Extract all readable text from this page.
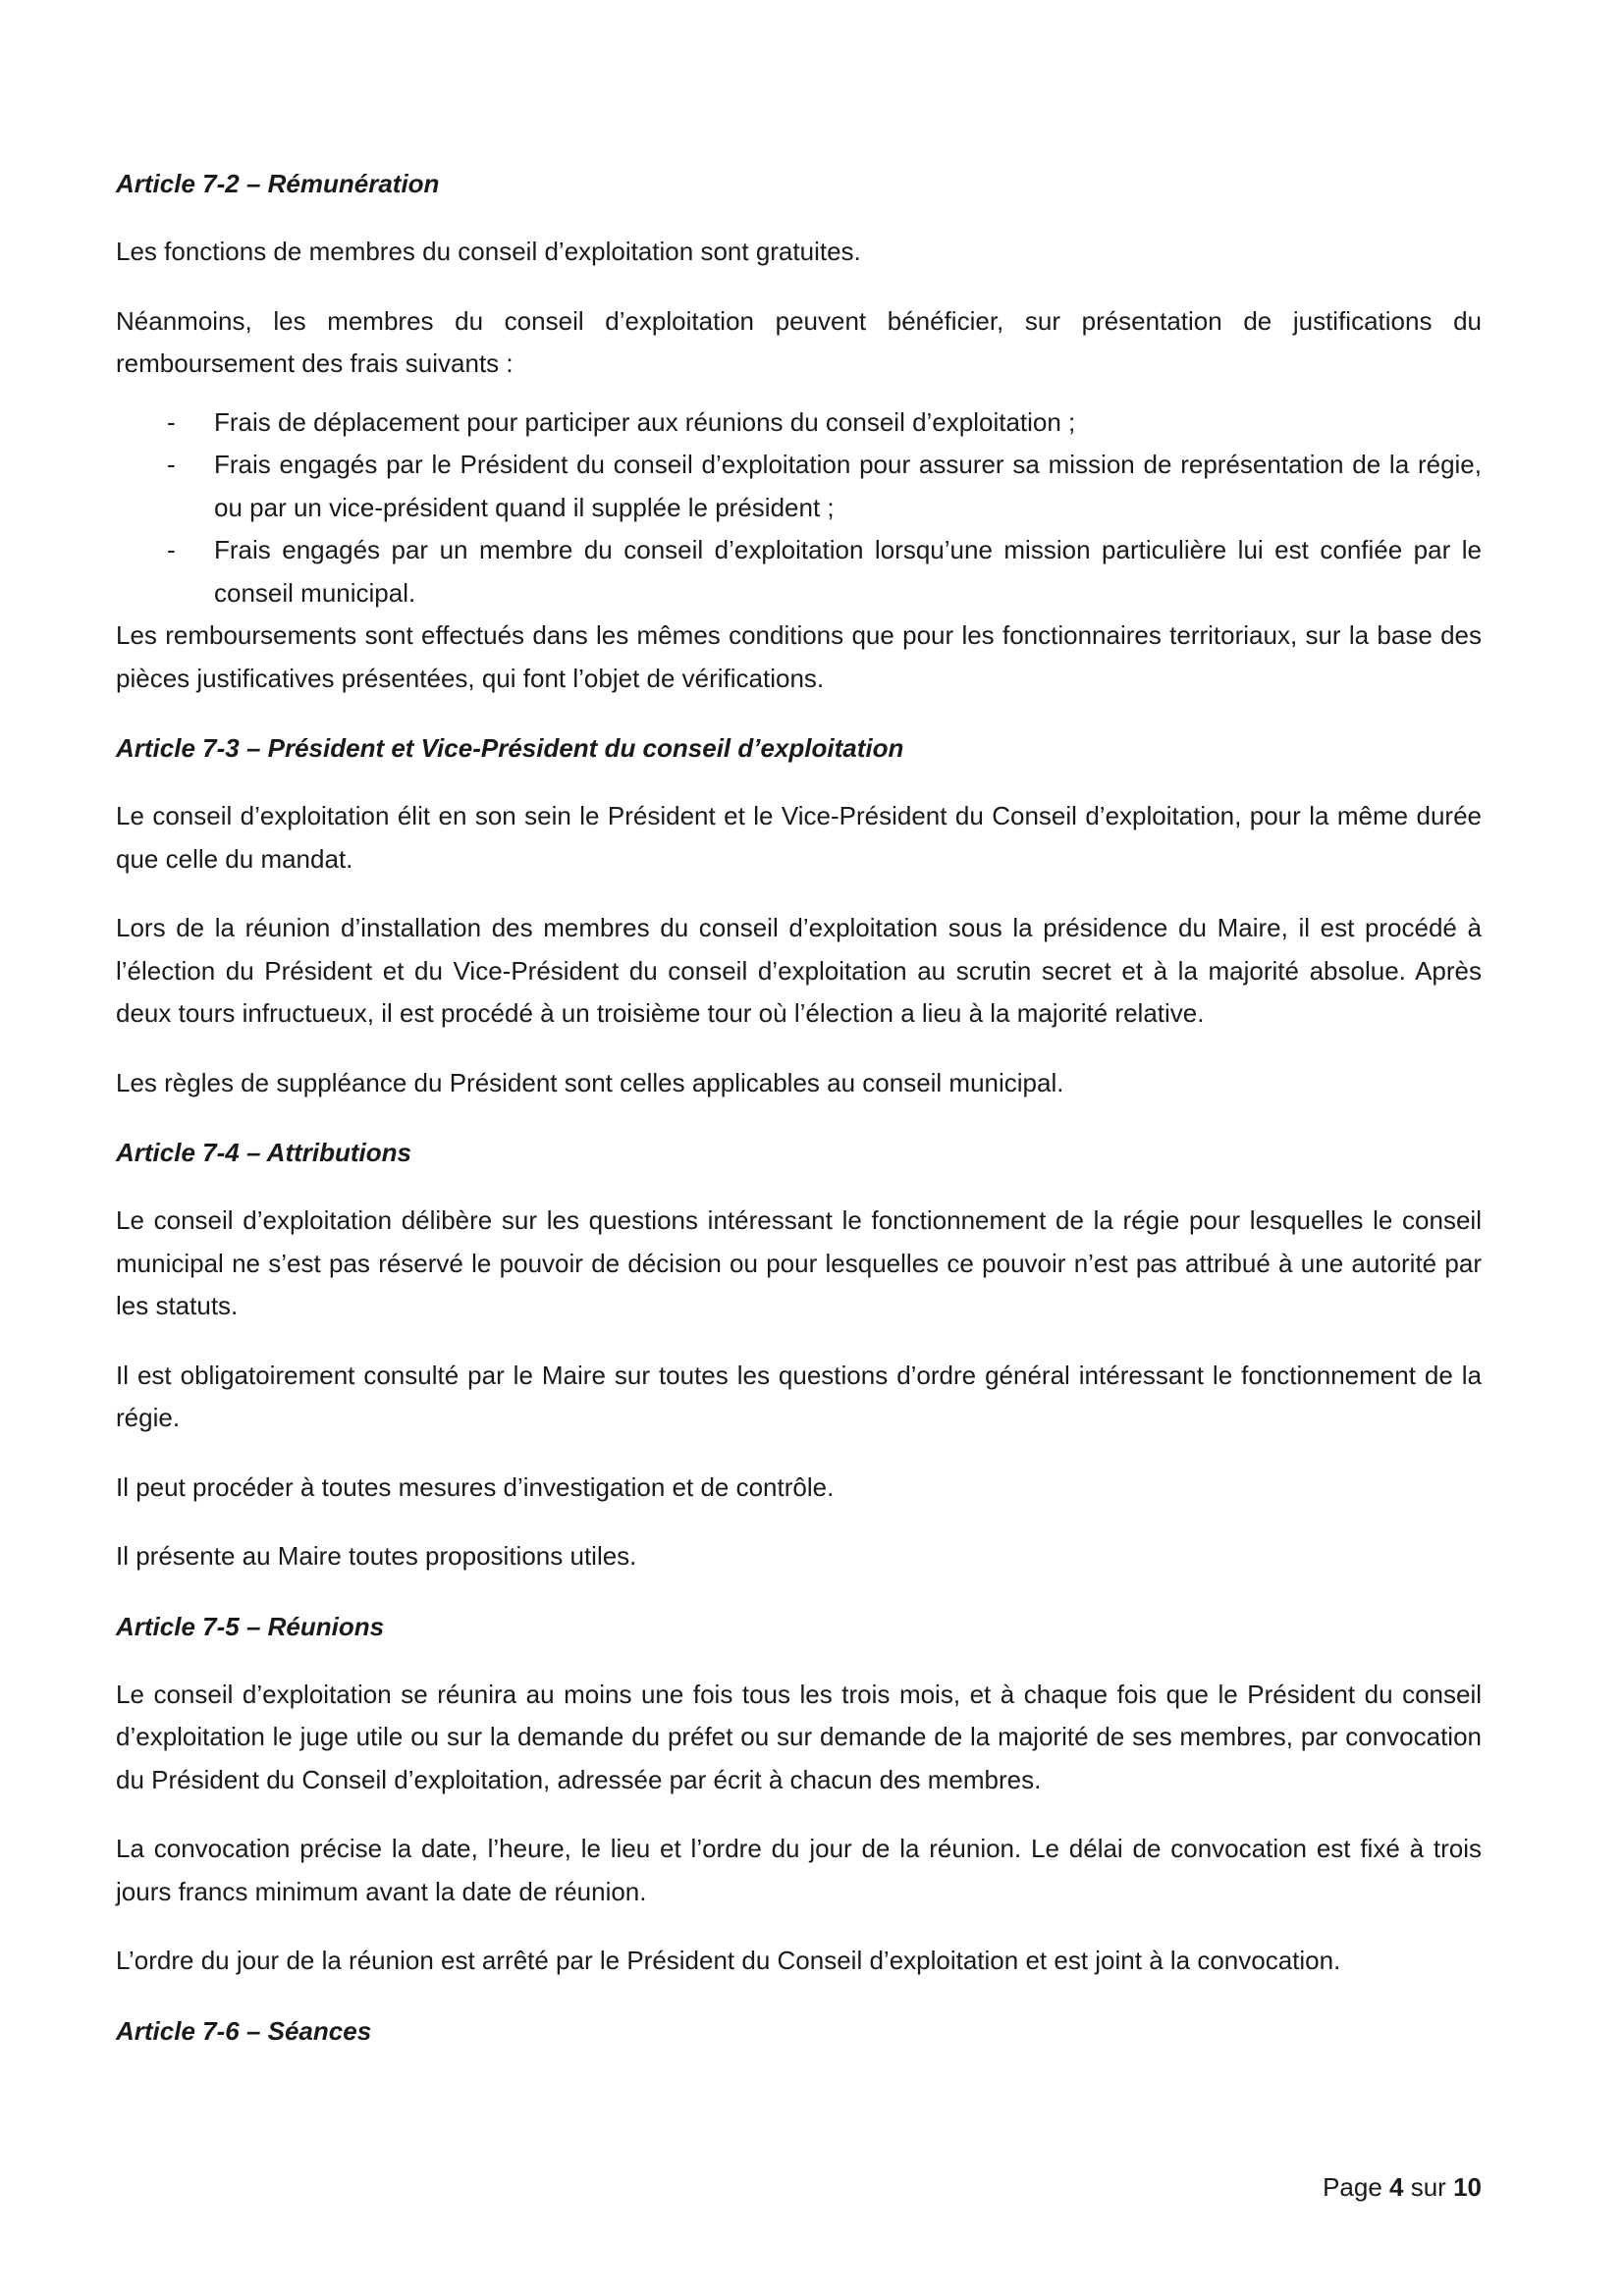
Article 7-2 – Rémunération

Les fonctions de membres du conseil d’exploitation sont gratuites.

Néanmoins, les membres du conseil d’exploitation peuvent bénéficier, sur présentation de justifications du remboursement des frais suivants :

- Frais de déplacement pour participer aux réunions du conseil d’exploitation ;
- Frais engagés par le Président du conseil d’exploitation pour assurer sa mission de représentation de la régie, ou par un vice-président quand il supplée le président ;
- Frais engagés par un membre du conseil d’exploitation lorsqu’une mission particulière lui est confiée par le conseil municipal.

Les remboursements sont effectués dans les mêmes conditions que pour les fonctionnaires territoriaux, sur la base des pièces justificatives présentées, qui font l’objet de vérifications.

Article 7-3 – Président et Vice-Président du conseil d’exploitation

Le conseil d’exploitation élit en son sein le Président et le Vice-Président du Conseil d’exploitation, pour la même durée que celle du mandat.

Lors de la réunion d’installation des membres du conseil d’exploitation sous la présidence du Maire, il est procédé à l’élection du Président et du Vice-Président du conseil d’exploitation au scrutin secret et à la majorité absolue. Après deux tours infructueux, il est procédé à un troisième tour où l’élection a lieu à la majorité relative.

Les règles de suppléance du Président sont celles applicables au conseil municipal.

Article 7-4 – Attributions

Le conseil d’exploitation délibère sur les questions intéressant le fonctionnement de la régie pour lesquelles le conseil municipal ne s’est pas réservé le pouvoir de décision ou pour lesquelles ce pouvoir n’est pas attribué à une autorité par les statuts.

Il est obligatoirement consulté par le Maire sur toutes les questions d’ordre général intéressant le fonctionnement de la régie.

Il peut procéder à toutes mesures d’investigation et de contrôle.

Il présente au Maire toutes propositions utiles.

Article 7-5 – Réunions

Le conseil d’exploitation se réunira au moins une fois tous les trois mois, et à chaque fois que le Président du conseil d’exploitation le juge utile ou sur la demande du préfet ou sur demande de la majorité de ses membres, par convocation du Président du Conseil d’exploitation, adressée par écrit à chacun des membres.

La convocation précise la date, l’heure, le lieu et l’ordre du jour de la réunion. Le délai de convocation est fixé à trois jours francs minimum avant la date de réunion.

L’ordre du jour de la réunion est arrêté par le Président du Conseil d’exploitation et est joint à la convocation.

Article 7-6 – Séances
Page 4 sur 10
